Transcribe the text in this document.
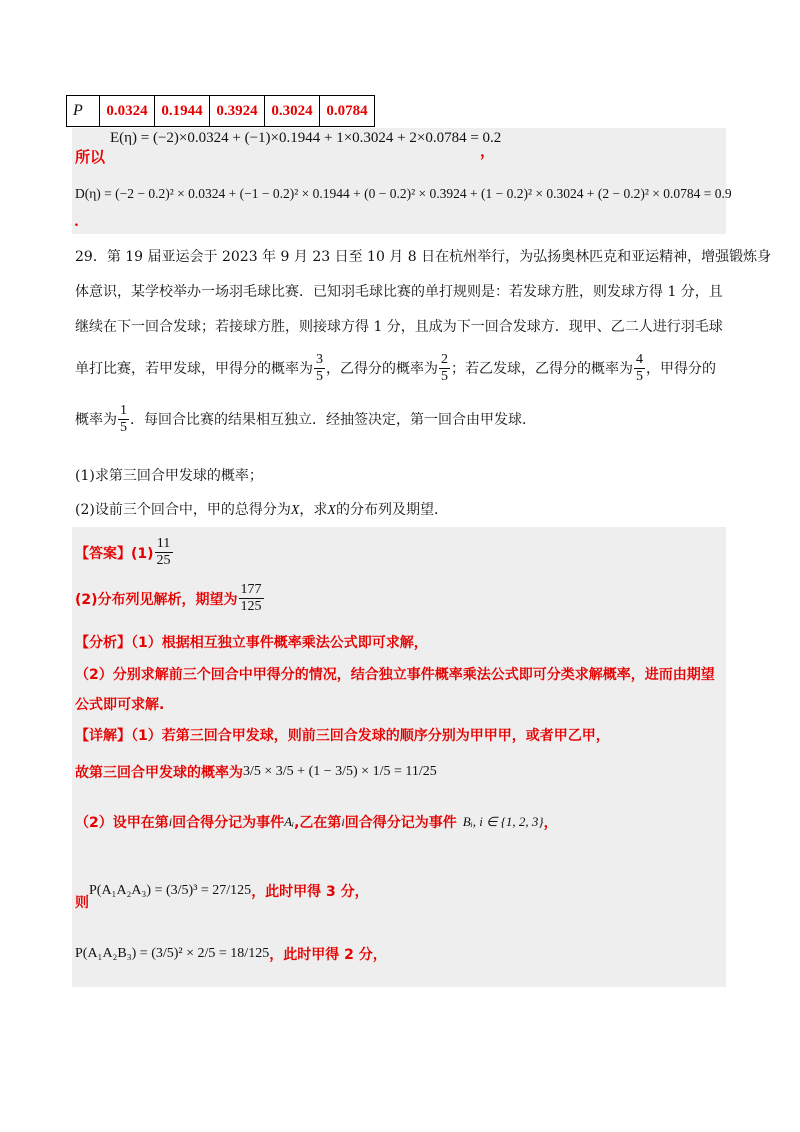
P	0.0324	0.1944	0.3924	0.3024	0.0784
E(η) = (−2)×0.0324 + (−1)×0.1944 + 1×0.3024 + 2×0.0784 = 0.2
所以	，
D(η) = (−2 − 0.2)² × 0.0324 + (−1 − 0.2)² × 0.1944 + (0 − 0.2)² × 0.3924 + (1 − 0.2)² × 0.3024 + (2 − 0.2)² × 0.0784 = 0.9
.
29．第 19 届亚运会于 2023 年 9 月 23 日至 10 月 8 日在杭州举行，为弘扬奥林匹克和亚运精神，增强锻炼身
体意识，某学校举办一场羽毛球比赛．已知羽毛球比赛的单打规则是：若发球方胜，则发球方得 1 分，且
继续在下一回合发球；若接球方胜，则接球方得 1 分，且成为下一回合发球方．现甲、乙二人进行羽毛球
单打比赛，若甲发球，甲得分的概率为 $\frac{3}{5}$ ，乙得分的概率为 $\frac{2}{5}$ ；若乙发球，乙得分的概率为 $\frac{4}{5}$ ，甲得分的
概率为 $\frac{1}{5}$ ．每回合比赛的结果相互独立．经抽签决定，第一回合由甲发球．
(1)求第三回合甲发球的概率；
(2)设前三个回合中，甲的总得分为X，求X的分布列及期望．
【答案】$(1) \frac{11}{25}$
(2)分布列见解析，期望为 $\frac{177}{125}$
【分析】（1）根据相互独立事件概率乘法公式即可求解，
（2）分别求解前三个回合中甲得分的情况，结合独立事件概率乘法公式即可分类求解概率，进而由期望
公式即可求解.
【详解】（1）若第三回合甲发球，则前三回合发球的顺序分别为甲甲甲，或者甲乙甲，
故第三回合甲发球的概率为 3/5 × 3/5 + (1 − 3/5) × 1/5 = 11/25
（2）设甲在第 i 回合得分记为事件 Aᵢ ,乙在第 i 回合得分记为事件 Bᵢ, i ∈ {1, 2, 3} ，
则
P(A₁A₂A₃) = (3/5)³ = 27/125 ，此时甲得 3 分，
P(A₁A₂B₃) = (3/5)² × 2/5 = 18/125 ，此时甲得 2 分，
